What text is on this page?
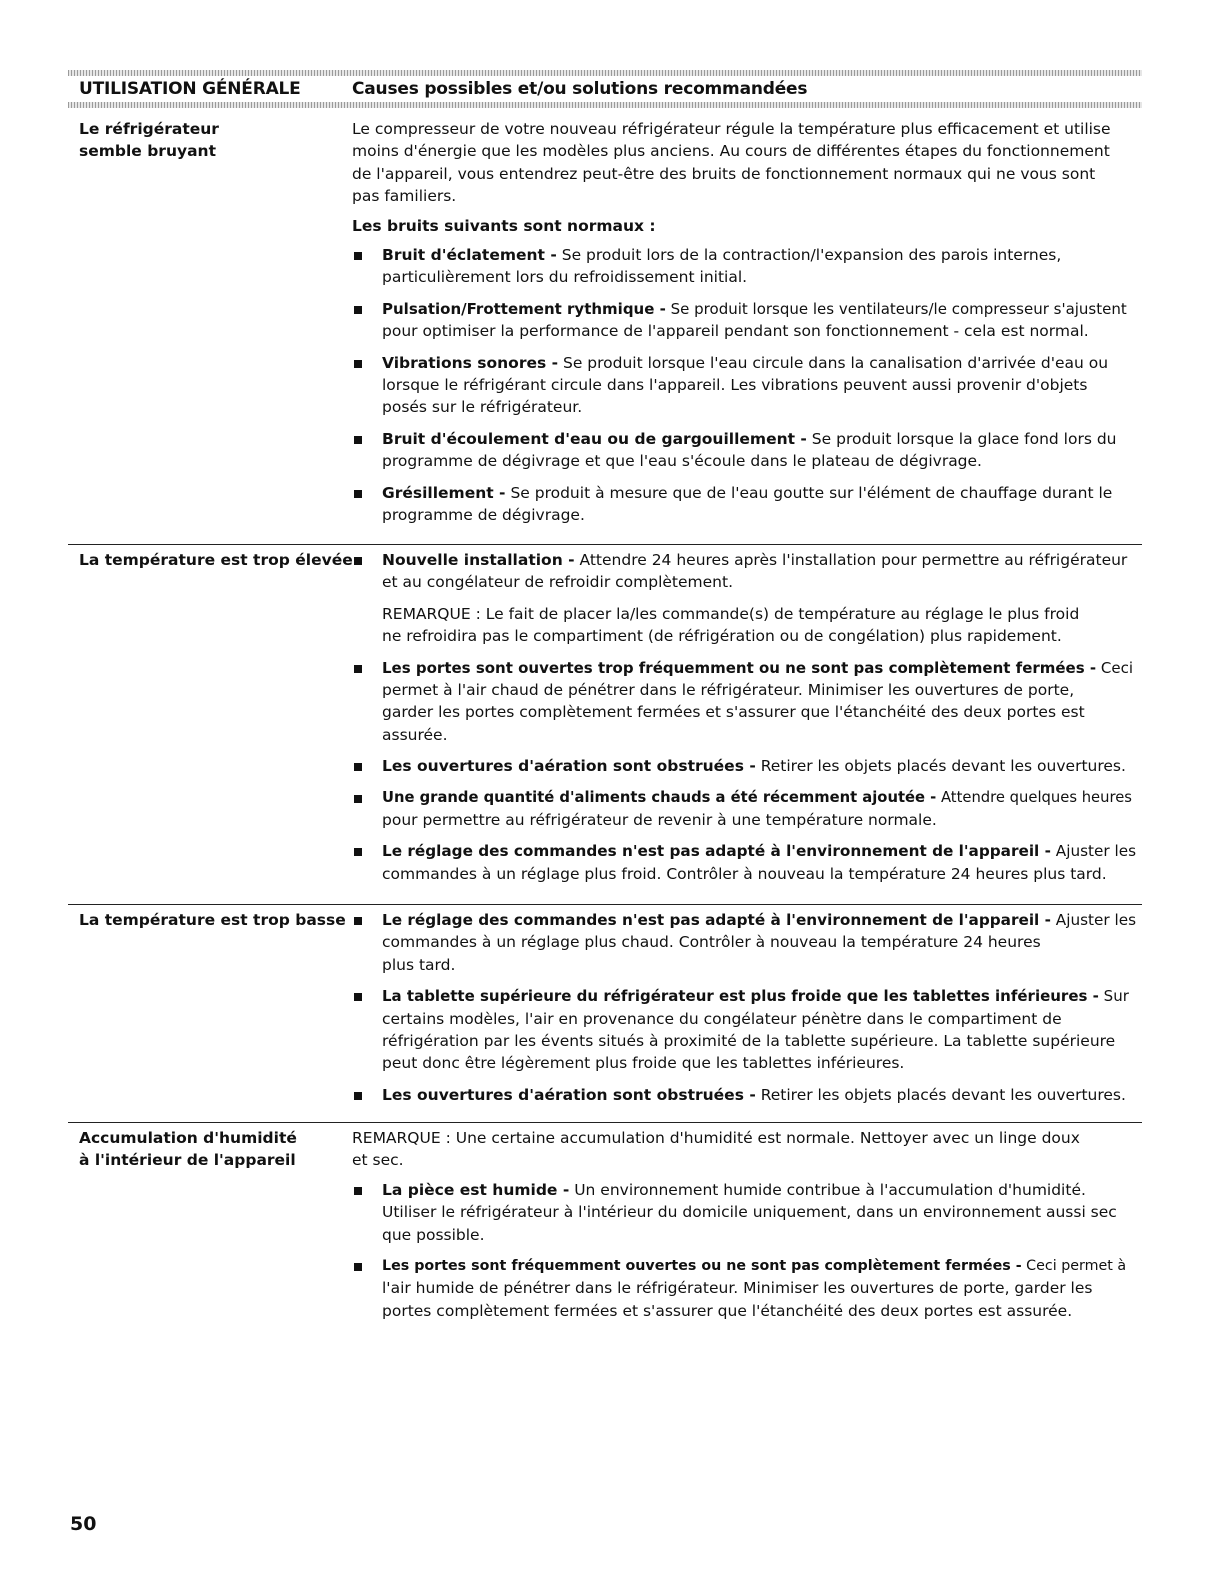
UTILISATION GÉNÉRALE	Causes possibles et/ou solutions recommandées
Le réfrigérateur
semble bruyant
Le compresseur de votre nouveau réfrigérateur régule la température plus efficacement et utilise
moins d'énergie que les modèles plus anciens. Au cours de différentes étapes du fonctionnement
de l'appareil, vous entendrez peut-être des bruits de fonctionnement normaux qui ne vous sont
pas familiers.
Les bruits suivants sont normaux :
Bruit d'éclatement - Se produit lors de la contraction/l'expansion des parois internes,
particulièrement lors du refroidissement initial.
Pulsation/Frottement rythmique - Se produit lorsque les ventilateurs/le compresseur s'ajustent
pour optimiser la performance de l'appareil pendant son fonctionnement - cela est normal.
Vibrations sonores - Se produit lorsque l'eau circule dans la canalisation d'arrivée d'eau ou
lorsque le réfrigérant circule dans l'appareil. Les vibrations peuvent aussi provenir d'objets
posés sur le réfrigérateur.
Bruit d'écoulement d'eau ou de gargouillement - Se produit lorsque la glace fond lors du
programme de dégivrage et que l'eau s'écoule dans le plateau de dégivrage.
Grésillement - Se produit à mesure que de l'eau goutte sur l'élément de chauffage durant le
programme de dégivrage.
La température est trop élevée Nouvelle installation - Attendre 24 heures après l'installation pour permettre au réfrigérateur
et au congélateur de refroidir complètement.
REMARQUE : Le fait de placer la/les commande(s) de température au réglage le plus froid
ne refroidira pas le compartiment (de réfrigération ou de congélation) plus rapidement.
Les portes sont ouvertes trop fréquemment ou ne sont pas complètement fermées - Ceci
permet à l'air chaud de pénétrer dans le réfrigérateur. Minimiser les ouvertures de porte,
garder les portes complètement fermées et s'assurer que l'étanchéité des deux portes est
assurée.
Les ouvertures d'aération sont obstruées - Retirer les objets placés devant les ouvertures.
Une grande quantité d'aliments chauds a été récemment ajoutée - Attendre quelques heures
pour permettre au réfrigérateur de revenir à une température normale.
Le réglage des commandes n'est pas adapté à l'environnement de l'appareil - Ajuster les
commandes à un réglage plus froid. Contrôler à nouveau la température 24 heures plus tard.
La température est trop basse Le réglage des commandes n'est pas adapté à l'environnement de l'appareil - Ajuster les
commandes à un réglage plus chaud. Contrôler à nouveau la température 24 heures
plus tard.
La tablette supérieure du réfrigérateur est plus froide que les tablettes inférieures - Sur
certains modèles, l'air en provenance du congélateur pénètre dans le compartiment de
réfrigération par les évents situés à proximité de la tablette supérieure. La tablette supérieure
peut donc être légèrement plus froide que les tablettes inférieures.
Les ouvertures d'aération sont obstruées - Retirer les objets placés devant les ouvertures.
Accumulation d'humidité
à l'intérieur de l'appareil
REMARQUE : Une certaine accumulation d'humidité est normale. Nettoyer avec un linge doux
et sec.
La pièce est humide - Un environnement humide contribue à l'accumulation d'humidité.
Utiliser le réfrigérateur à l'intérieur du domicile uniquement, dans un environnement aussi sec
que possible.
Les portes sont fréquemment ouvertes ou ne sont pas complètement fermées - Ceci permet à
l'air humide de pénétrer dans le réfrigérateur. Minimiser les ouvertures de porte, garder les
portes complètement fermées et s'assurer que l'étanchéité des deux portes est assurée.
50
